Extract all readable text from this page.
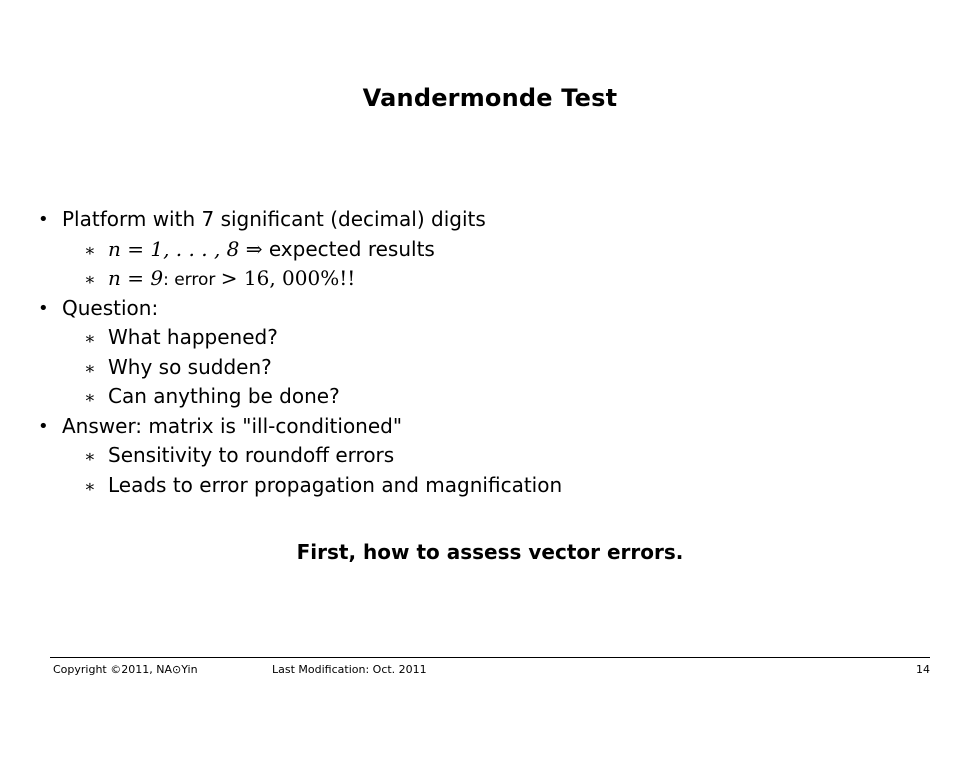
Vandermonde Test
• Platform with 7 significant (decimal) digits
∗ n = 1, . . . , 8 ⇒ expected results
∗ n = 9: error > 16, 000%!!
• Question:
∗ What happened?
∗ Why so sudden?
∗ Can anything be done?
• Answer: matrix is "ill-conditioned"
∗ Sensitivity to roundoff errors
∗ Leads to error propagation and magnification
First, how to assess vector errors.
Copyright ©2011, NA⊙Yin	Last Modification: Oct. 2011	14
